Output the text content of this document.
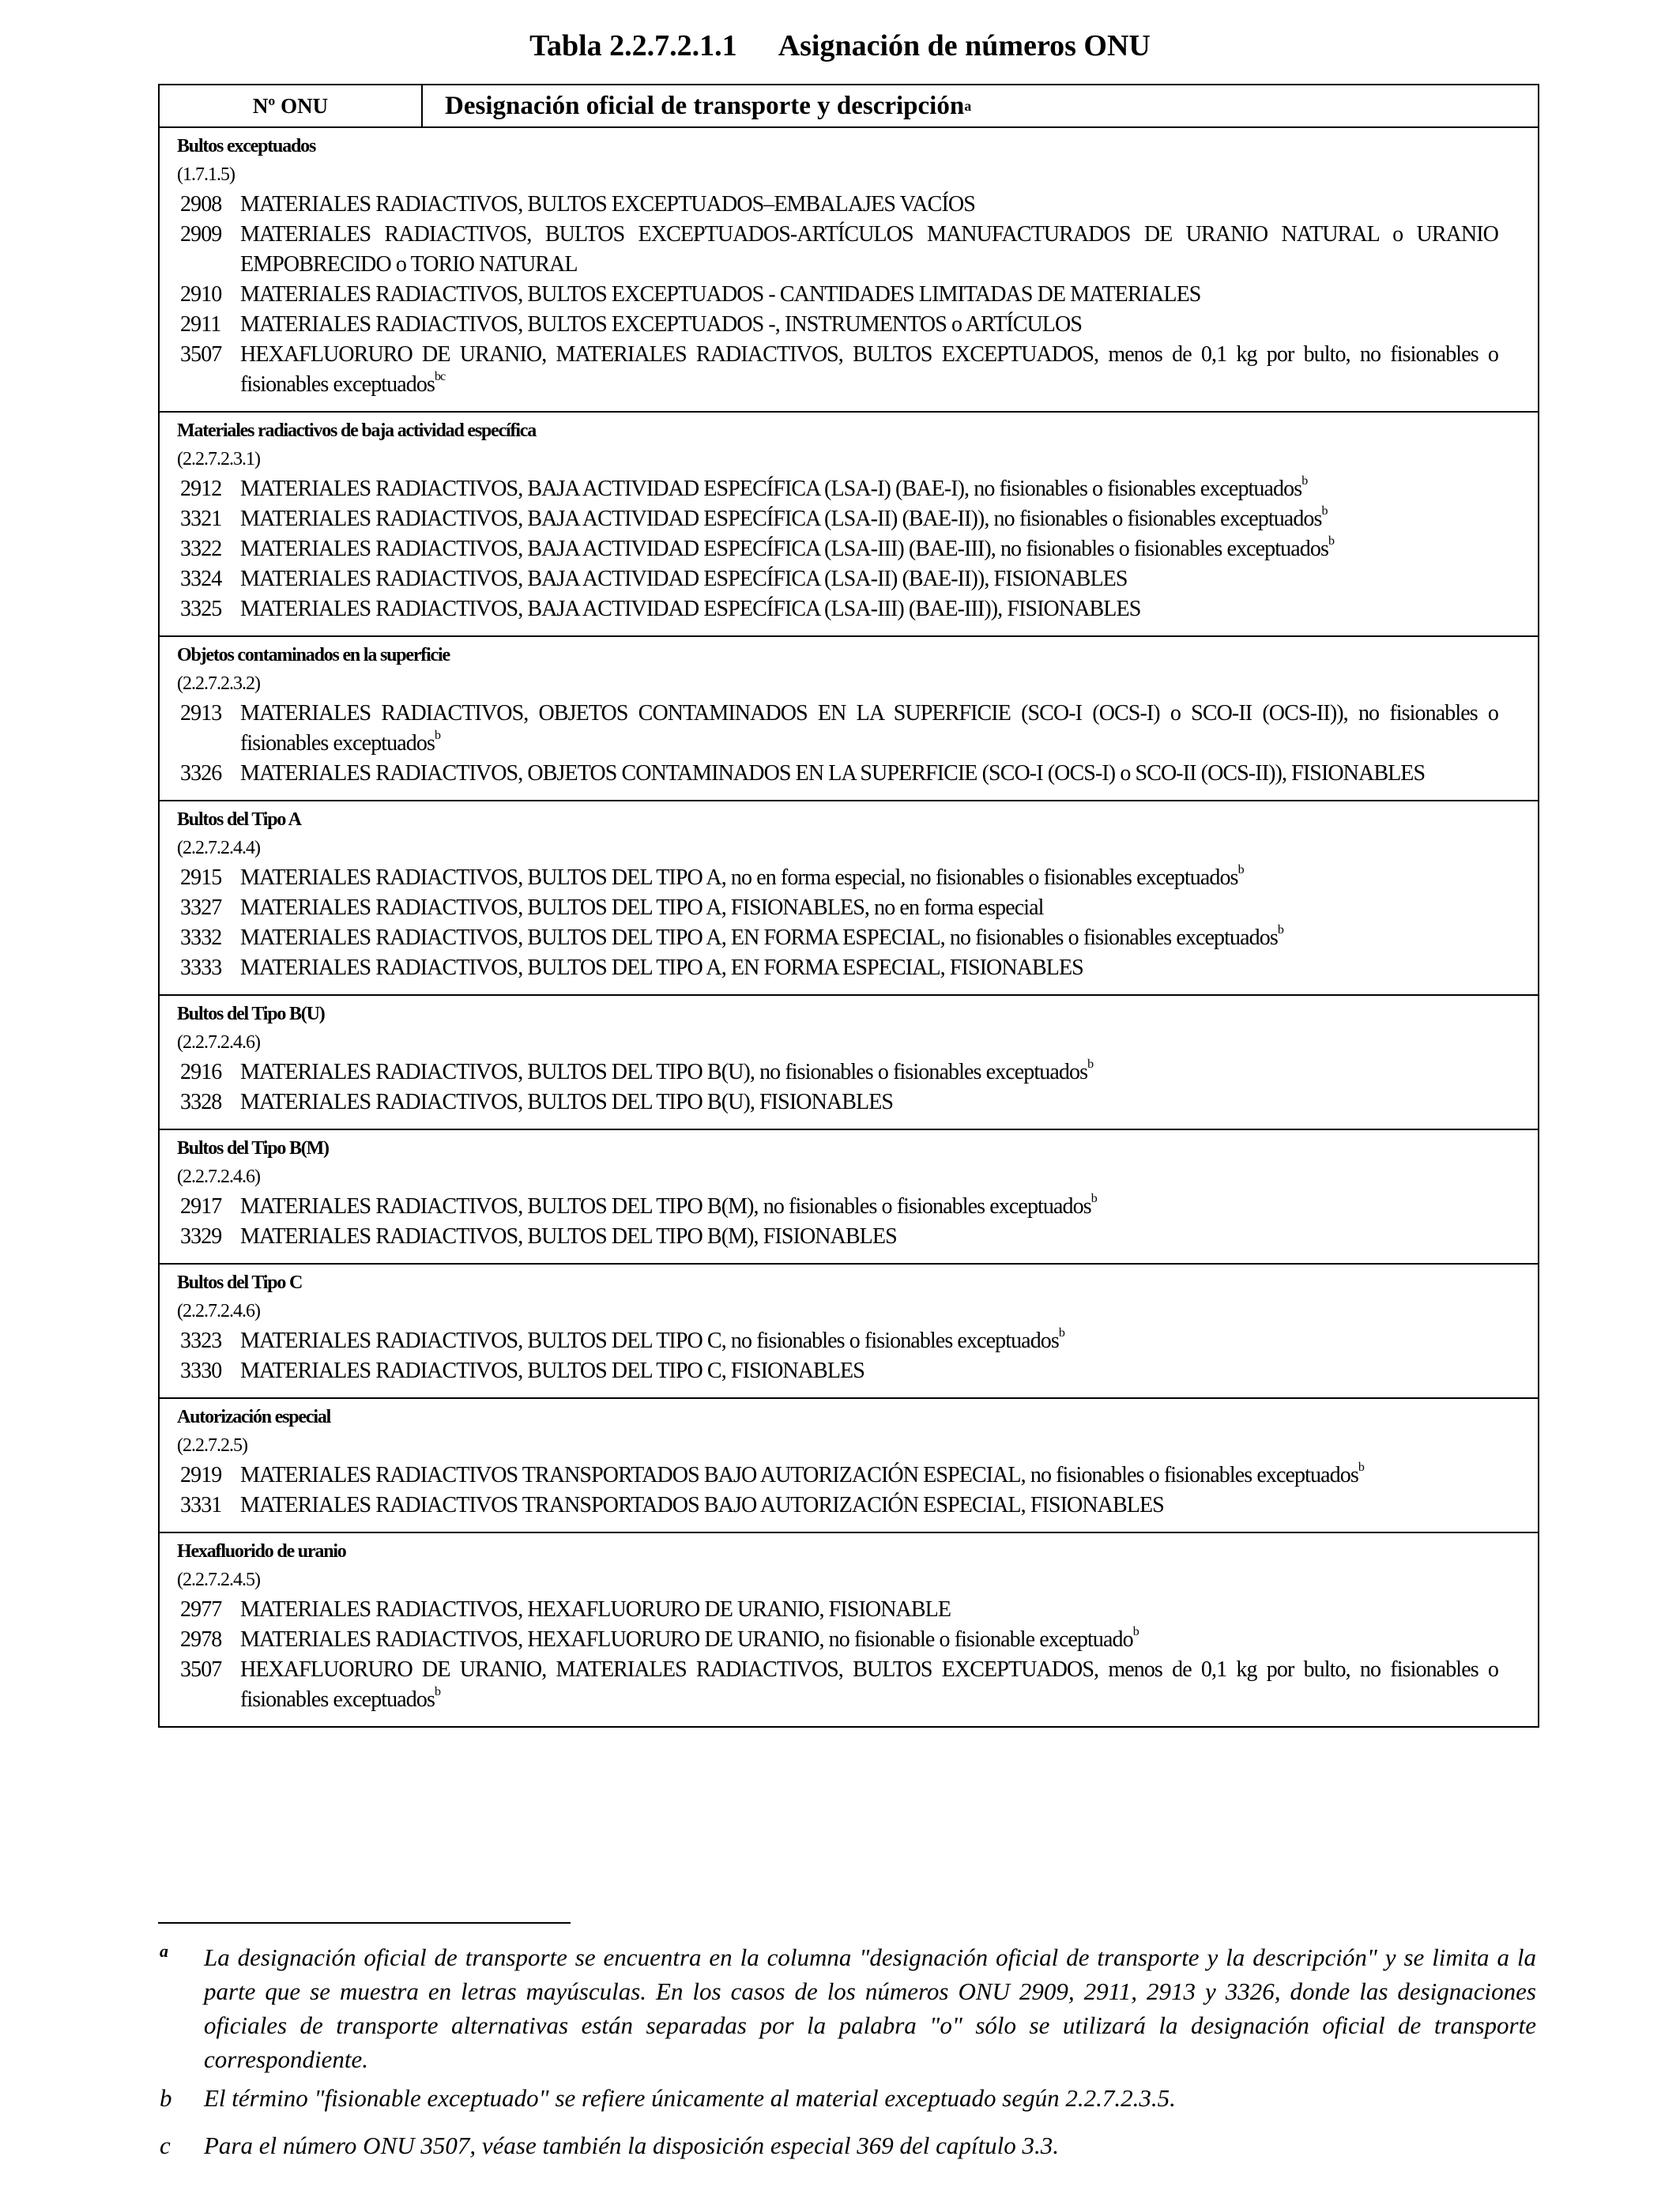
Tabla 2.2.7.2.1.1 Asignación de números ONU
Nº ONU	Designación oficial de transporte y descripción a
Bultos exceptuados
(1.7.1.5)
2908 MATERIALES RADIACTIVOS, BULTOS EXCEPTUADOS–EMBALAJES VACÍOS
2909 MATERIALES RADIACTIVOS, BULTOS EXCEPTUADOS-ARTÍCULOS MANUFACTURADOS DE URANIO NATURAL o URANIO EMPOBRECIDO o TORIO NATURAL
2910 MATERIALES RADIACTIVOS, BULTOS EXCEPTUADOS - CANTIDADES LIMITADAS DE MATERIALES
2911 MATERIALES RADIACTIVOS, BULTOS EXCEPTUADOS -, INSTRUMENTOS o ARTÍCULOS
3507 HEXAFLUORURO DE URANIO, MATERIALES RADIACTIVOS, BULTOS EXCEPTUADOS, menos de 0,1 kg por bulto, no fisionables o fisionables exceptuados$^{bc}$
Materiales radiactivos de baja actividad específica
(2.2.7.2.3.1)
2912 MATERIALES RADIACTIVOS, BAJA ACTIVIDAD ESPECÍFICA (LSA-I) (BAE-I), no fisionables o fisionables exceptuados$^b$
3321 MATERIALES RADIACTIVOS, BAJA ACTIVIDAD ESPECÍFICA (LSA-II) (BAE-II)), no fisionables o fisionables exceptuados$^b$
3322 MATERIALES RADIACTIVOS, BAJA ACTIVIDAD ESPECÍFICA (LSA-III) (BAE-III), no fisionables o fisionables exceptuados$^b$
3324 MATERIALES RADIACTIVOS, BAJA ACTIVIDAD ESPECÍFICA (LSA-II) (BAE-II)), FISIONABLES
3325 MATERIALES RADIACTIVOS, BAJA ACTIVIDAD ESPECÍFICA (LSA-III) (BAE-III)), FISIONABLES
Objetos contaminados en la superficie
(2.2.7.2.3.2)
2913 MATERIALES RADIACTIVOS, OBJETOS CONTAMINADOS EN LA SUPERFICIE (SCO-I (OCS-I) o SCO-II (OCS-II)), no fisionables o fisionables exceptuados$^b$
3326 MATERIALES RADIACTIVOS, OBJETOS CONTAMINADOS EN LA SUPERFICIE (SCO-I (OCS-I) o SCO-II (OCS-II)), FISIONABLES
Bultos del Tipo A
(2.2.7.2.4.4)
2915 MATERIALES RADIACTIVOS, BULTOS DEL TIPO A, no en forma especial, no fisionables o fisionables exceptuados$^b$
3327 MATERIALES RADIACTIVOS, BULTOS DEL TIPO A, FISIONABLES, no en forma especial
3332 MATERIALES RADIACTIVOS, BULTOS DEL TIPO A, EN FORMA ESPECIAL, no fisionables o fisionables exceptuados$^b$
3333 MATERIALES RADIACTIVOS, BULTOS DEL TIPO A, EN FORMA ESPECIAL, FISIONABLES
Bultos del Tipo B(U)
(2.2.7.2.4.6)
2916 MATERIALES RADIACTIVOS, BULTOS DEL TIPO B(U), no fisionables o fisionables exceptuados$^b$
3328 MATERIALES RADIACTIVOS, BULTOS DEL TIPO B(U), FISIONABLES
Bultos del Tipo B(M)
(2.2.7.2.4.6)
2917 MATERIALES RADIACTIVOS, BULTOS DEL TIPO B(M), no fisionables o fisionables exceptuados$^b$
3329 MATERIALES RADIACTIVOS, BULTOS DEL TIPO B(M), FISIONABLES
Bultos del Tipo C
(2.2.7.2.4.6)
3323 MATERIALES RADIACTIVOS, BULTOS DEL TIPO C, no fisionables o fisionables exceptuados$^b$
3330 MATERIALES RADIACTIVOS, BULTOS DEL TIPO C, FISIONABLES
Autorización especial
(2.2.7.2.5)
2919 MATERIALES RADIACTIVOS TRANSPORTADOS BAJO AUTORIZACIÓN ESPECIAL, no fisionables o fisionables exceptuados$^b$
3331 MATERIALES RADIACTIVOS TRANSPORTADOS BAJO AUTORIZACIÓN ESPECIAL, FISIONABLES
Hexafluorido de uranio
(2.2.7.2.4.5)
2977 MATERIALES RADIACTIVOS, HEXAFLUORURO DE URANIO, FISIONABLE
2978 MATERIALES RADIACTIVOS, HEXAFLUORURO DE URANIO, no fisionable o fisionable exceptuado$^b$
3507 HEXAFLUORURO DE URANIO, MATERIALES RADIACTIVOS, BULTOS EXCEPTUADOS, menos de 0,1 kg por bulto, no fisionables o fisionables exceptuados$^b$
a	La designación oficial de transporte se encuentra en la columna "designación oficial de transporte y la descripción" y se limita a la parte que se muestra en letras mayúsculas. En los casos de los números ONU 2909, 2911, 2913 y 3326, donde las designaciones oficiales de transporte alternativas están separadas por la palabra "o" sólo se utilizará la designación oficial de transporte correspondiente.
b	El término "fisionable exceptuado" se refiere únicamente al material exceptuado según 2.2.7.2.3.5.
c	Para el número ONU 3507, véase también la disposición especial 369 del capítulo 3.3.
